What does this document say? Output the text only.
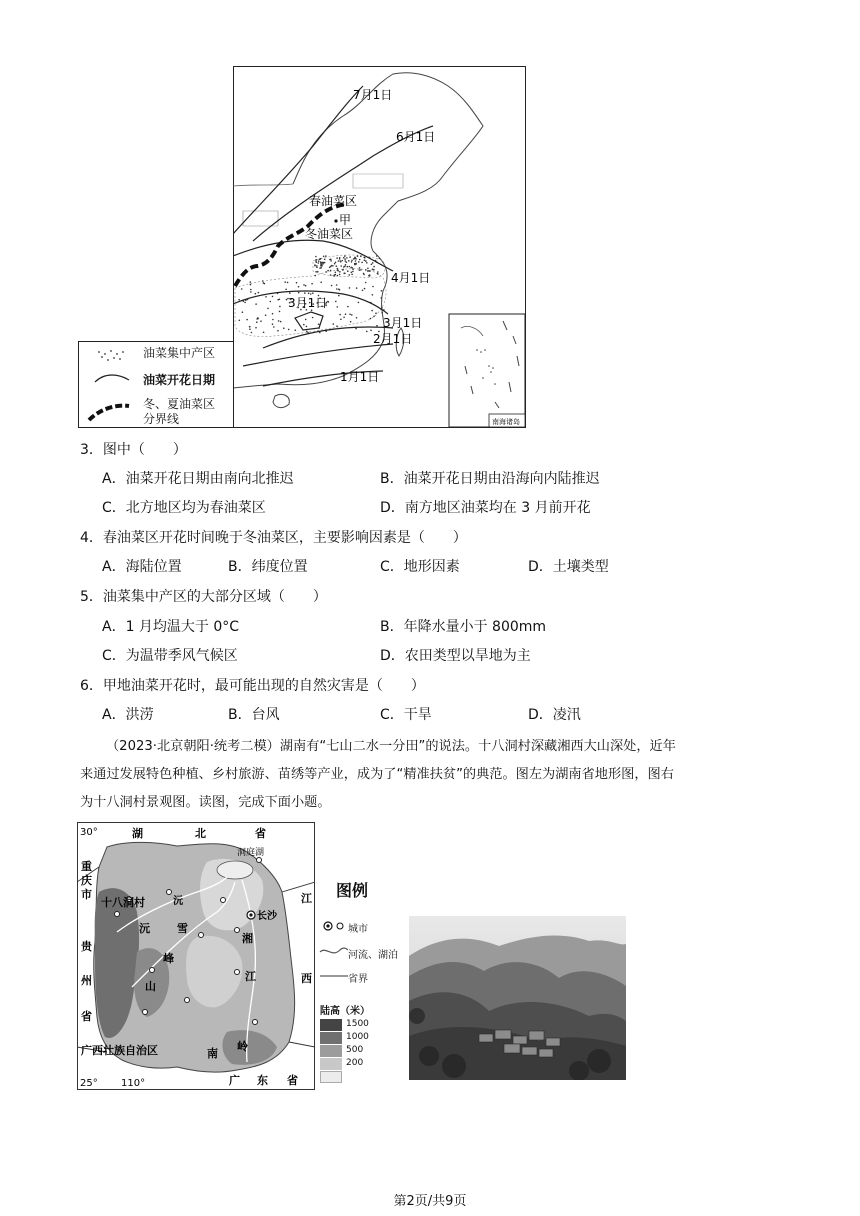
7月1日
6月1日
4月1日
3月1日
3月1日
2月1日
1月1日
春油菜区
甲
冬油菜区
南海诸岛
油菜集中产区
油菜开花日期
冬、夏油菜区
分界线
3．图中（　　）
A．油菜开花日期由南向北推迟	B．油菜开花日期由沿海向内陆推迟
C．北方地区均为春油菜区	D．南方地区油菜均在 3 月前开花
4．春油菜区开花时间晚于冬油菜区，主要影响因素是（　　）
A．海陆位置	B．纬度位置	C．地形因素	D．土壤类型
5．油菜集中产区的大部分区域（　　）
A．1 月均温大于 0°C	B．年降水量小于 800mm
C．为温带季风气候区	D．农田类型以旱地为主
6．甲地油菜开花时，最可能出现的自然灾害是（　　）
A．洪涝	B．台风	C．干旱	D．凌汛
（2023·北京朝阳·统考二模）湖南有“七山二水一分田”的说法。十八洞村深藏湘西大山深处，近年
来通过发展特色种植、乡村旅游、苗绣等产业，成为了“精准扶贫”的典范。图左为湖南省地形图，图右
为十八洞村景观图。读图，完成下面小题。
30°
25° 110°
湖	北	省
重
庆
市
贵
州
省
广西壮族自治区
广 东 省
江
西
十八洞村
洞庭湖
长沙
沅
沅 雪
峰
山
湘
江
南
岭
图例
城市
河流、湖泊
省界
陆高（米）
1500
1000
500
200
第2页/共9页
